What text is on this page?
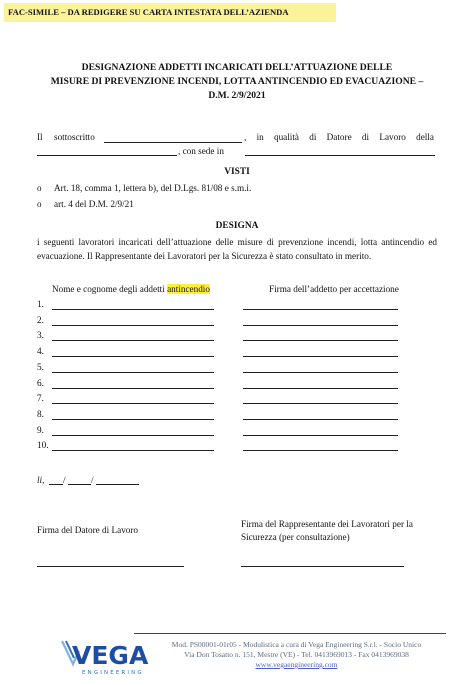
FAC-SIMILE – DA REDIGERE SU CARTA INTESTATA DELL’AZIENDA
DESIGNAZIONE ADDETTI INCARICATI DELL’ATTUAZIONE DELLE
MISURE DI PREVENZIONE INCENDI, LOTTA ANTINCENDIO ED EVACUAZIONE –
D.M. 2/9/2021
Il sottoscritto	, in qualità di Datore di Lavoro della
, con sede in
VISTI
o Art. 18, comma 1, lettera b), del D.Lgs. 81/08 e s.m.i.
o art. 4 del D.M. 2/9/21
DESIGNA
i seguenti lavoratori incaricati dell’attuazione delle misure di prevenzione incendi, lotta antincendio ed
evacuazione. Il Rappresentante dei Lavoratori per la Sicurezza è stato consultato in merito.
Nome e cognome degli addetti antincendio	Firma dell’addetto per accettazione
1.
2.
3.
4.
5.
6.
7.
8.
9.
10.
li, /	/
Firma del Datore di Lavoro
Firma del Rappresentante dei Lavoratori per la
Sicurezza (per consultazione)
VEGA
ENGINEERING
Mod. PS00001-01r05 - Modulistica a cura di Vega Engineering S.r.l. - Socio Unico
Via Don Tosatto n. 151, Mestre (VE) - Tel. 0413969013 - Fax 0413969038
www.vegaengineering.com
